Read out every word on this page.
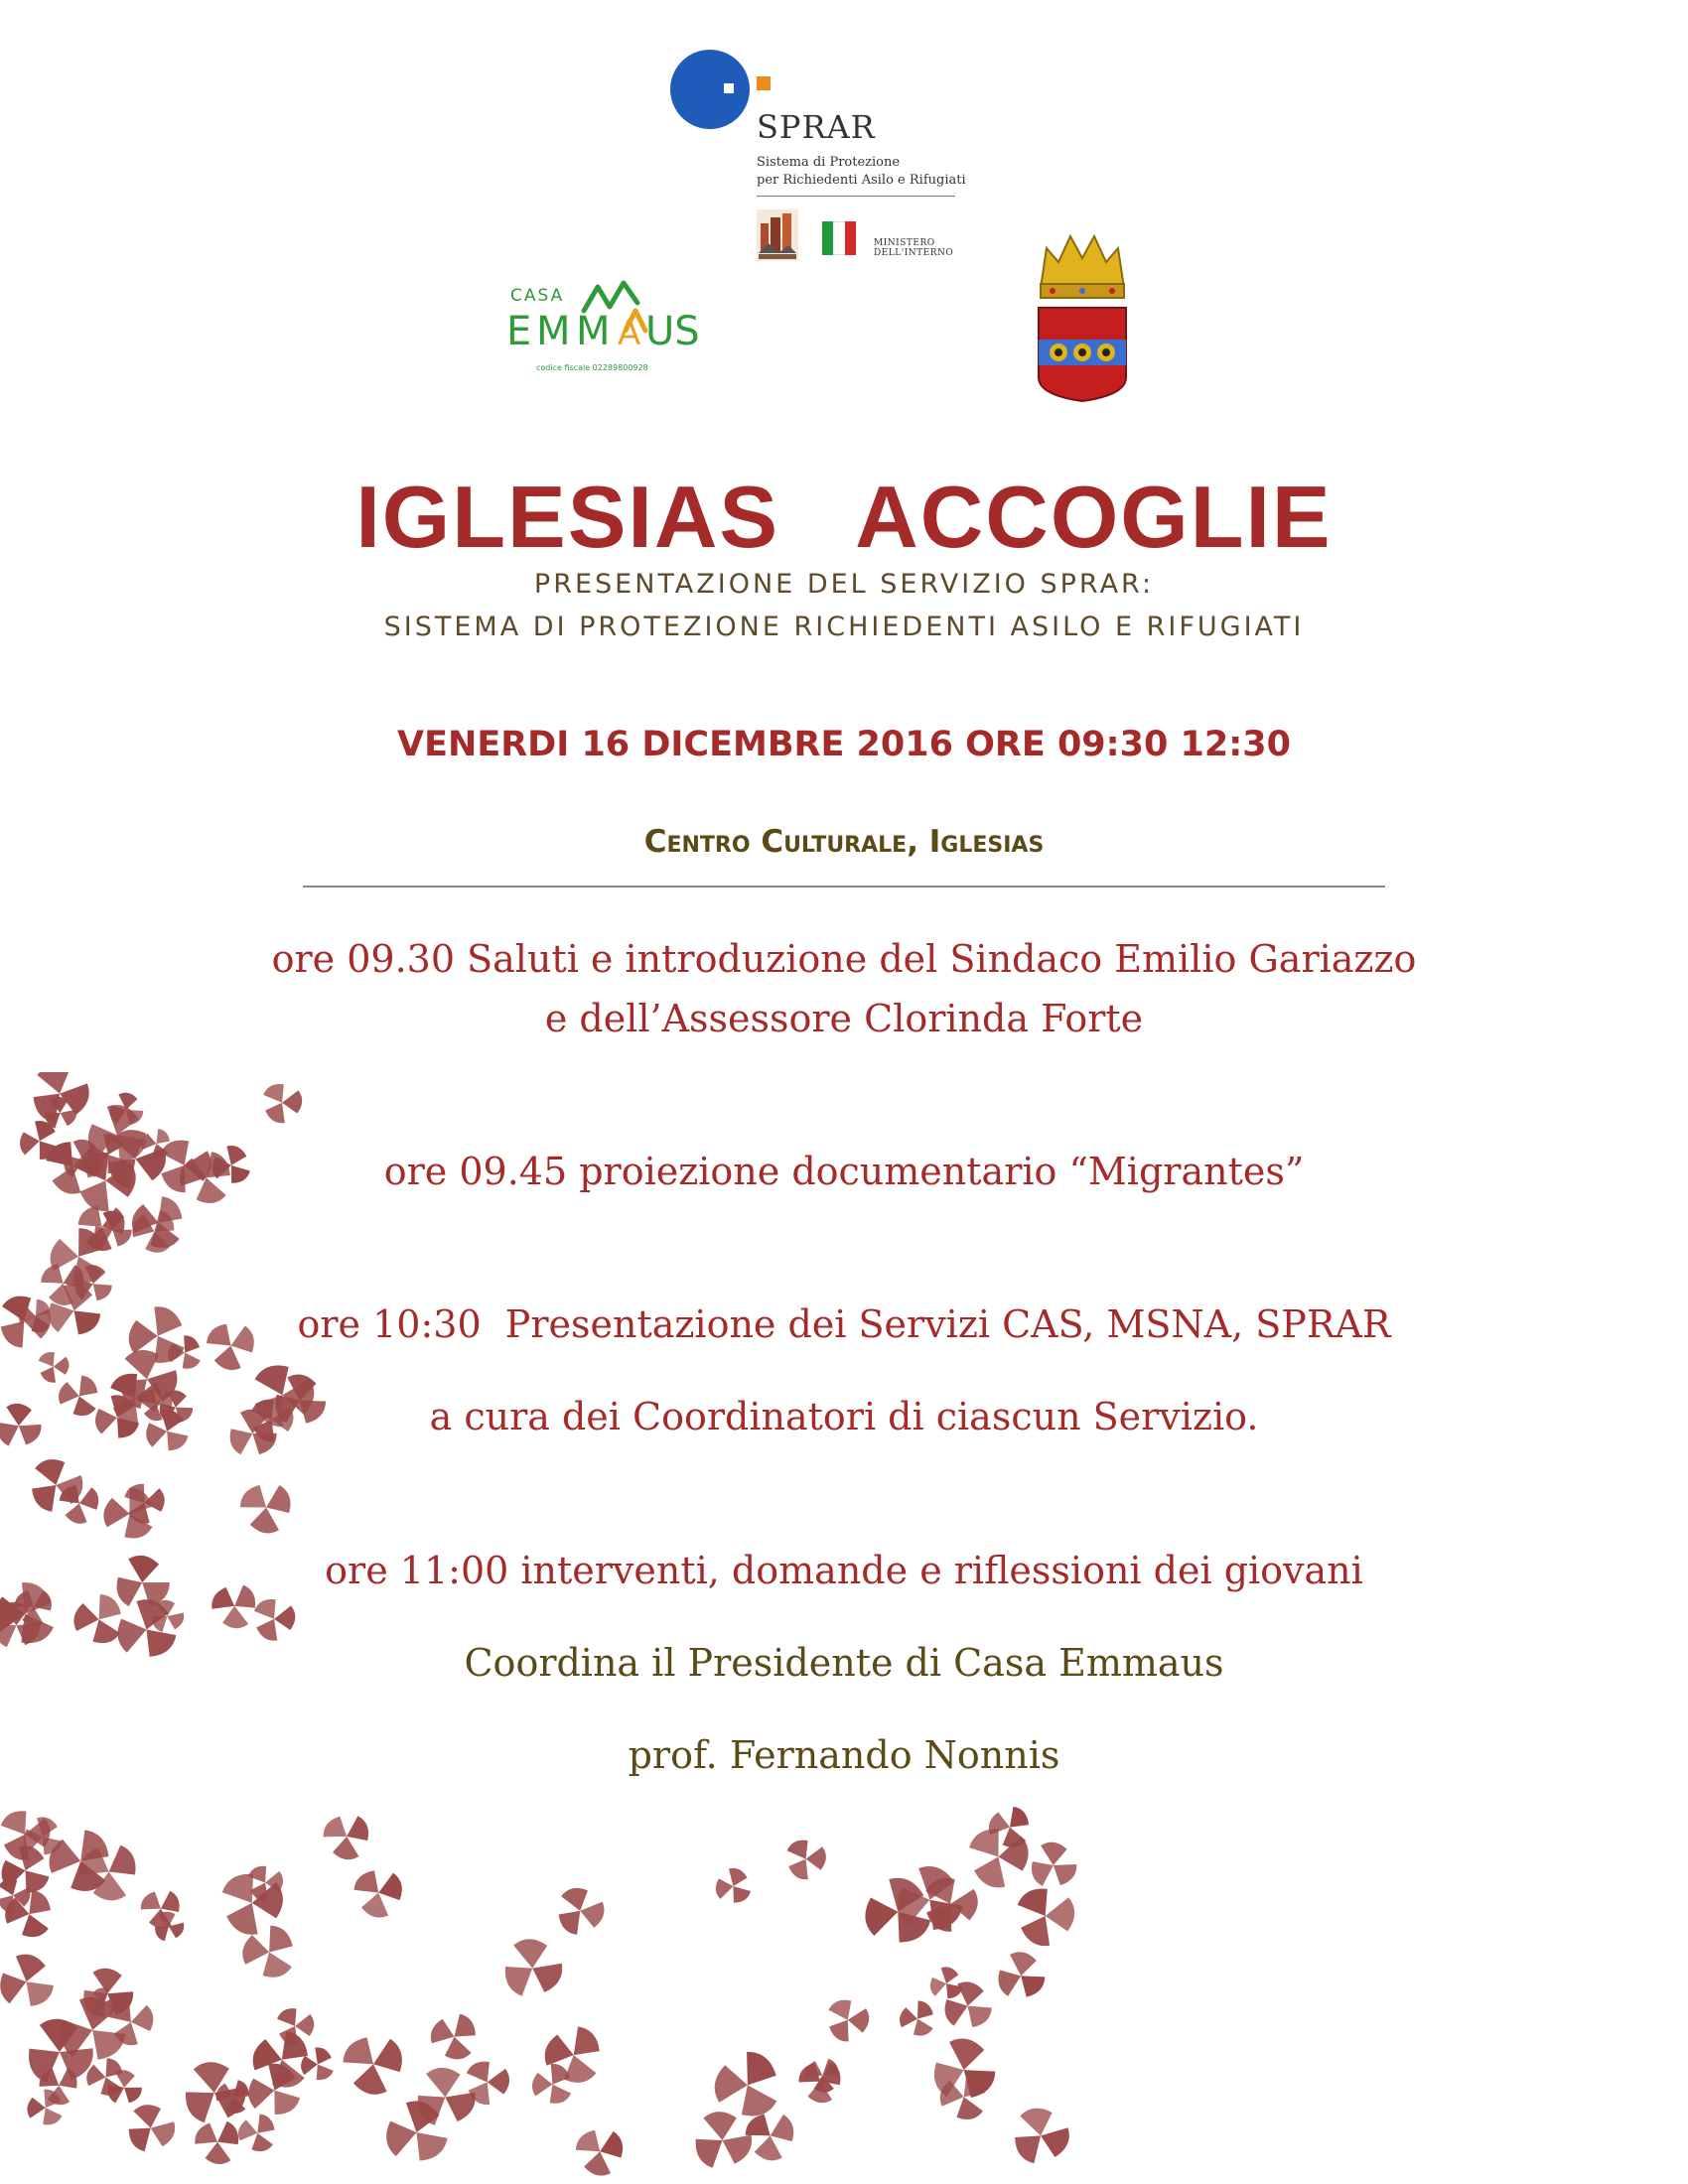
SPRAR
Sistema di Protezione
per Richiedenti Asilo e Rifugiati
MINISTERO
DELL'INTERNO
CASA
E M M A US
codice fiscale 02289800928
IGLESIAS   ACCOGLIE
PRESENTAZIONE DEL SERVIZIO SPRAR:
SISTEMA DI PROTEZIONE RICHIEDENTI ASILO E RIFUGIATI
VENERDI 16 DICEMBRE 2016 ORE 09:30 12:30
Centro Culturale, Iglesias
ore 09.30 Saluti e introduzione del Sindaco Emilio Gariazzo
e dell’Assessore Clorinda Forte
ore 09.45 proiezione documentario “Migrantes”
ore 10:30  Presentazione dei Servizi CAS, MSNA, SPRAR
a cura dei Coordinatori di ciascun Servizio.
ore 11:00 interventi, domande e riflessioni dei giovani
Coordina il Presidente di Casa Emmaus
prof. Fernando Nonnis
